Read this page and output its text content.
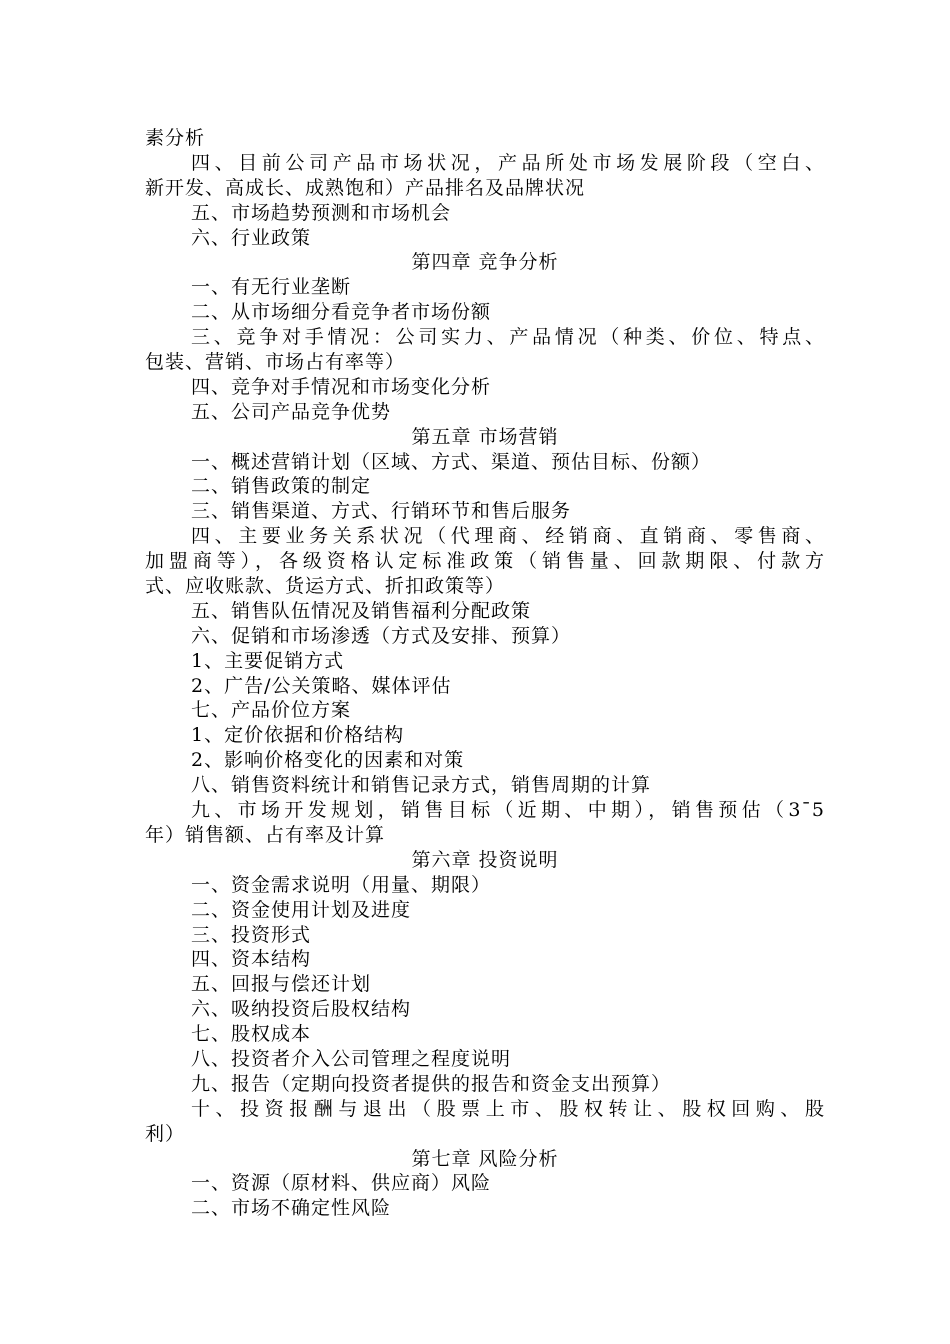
素分析
四、目前公司产品市场状况，产品所处市场发展阶段（空白、
新开发、高成长、成熟饱和）产品排名及品牌状况
五、市场趋势预测和市场机会
六、行业政策
第四章 竞争分析
一、有无行业垄断
二、从市场细分看竞争者市场份额
三、竞争对手情况：公司实力、产品情况（种类、价位、特点、
包装、营销、市场占有率等）
四、竞争对手情况和市场变化分析
五、公司产品竞争优势
第五章 市场营销
一、概述营销计划（区域、方式、渠道、预估目标、份额）
二、销售政策的制定
三、销售渠道、方式、行销环节和售后服务
四、主要业务关系状况（代理商、经销商、直销商、零售商、
加盟商等），各级资格认定标准政策（销售量、回款期限、付款方
式、应收账款、货运方式、折扣政策等）
五、销售队伍情况及销售福利分配政策
六、促销和市场渗透（方式及安排、预算）
1、主要促销方式
2、广告/公关策略、媒体评估
七、产品价位方案
1、定价依据和价格结构
2、影响价格变化的因素和对策
八、销售资料统计和销售记录方式，销售周期的计算
九、市场开发规划，销售目标（近期、中期），销售预估（3¯5
年）销售额、占有率及计算
第六章 投资说明
一、资金需求说明（用量、期限）
二、资金使用计划及进度
三、投资形式
四、资本结构
五、回报与偿还计划
六、吸纳投资后股权结构
七、股权成本
八、投资者介入公司管理之程度说明
九、报告（定期向投资者提供的报告和资金支出预算）
十、投资报酬与退出（股票上市、股权转让、股权回购、股
利）
第七章 风险分析
一、资源（原材料、供应商）风险
二、市场不确定性风险
